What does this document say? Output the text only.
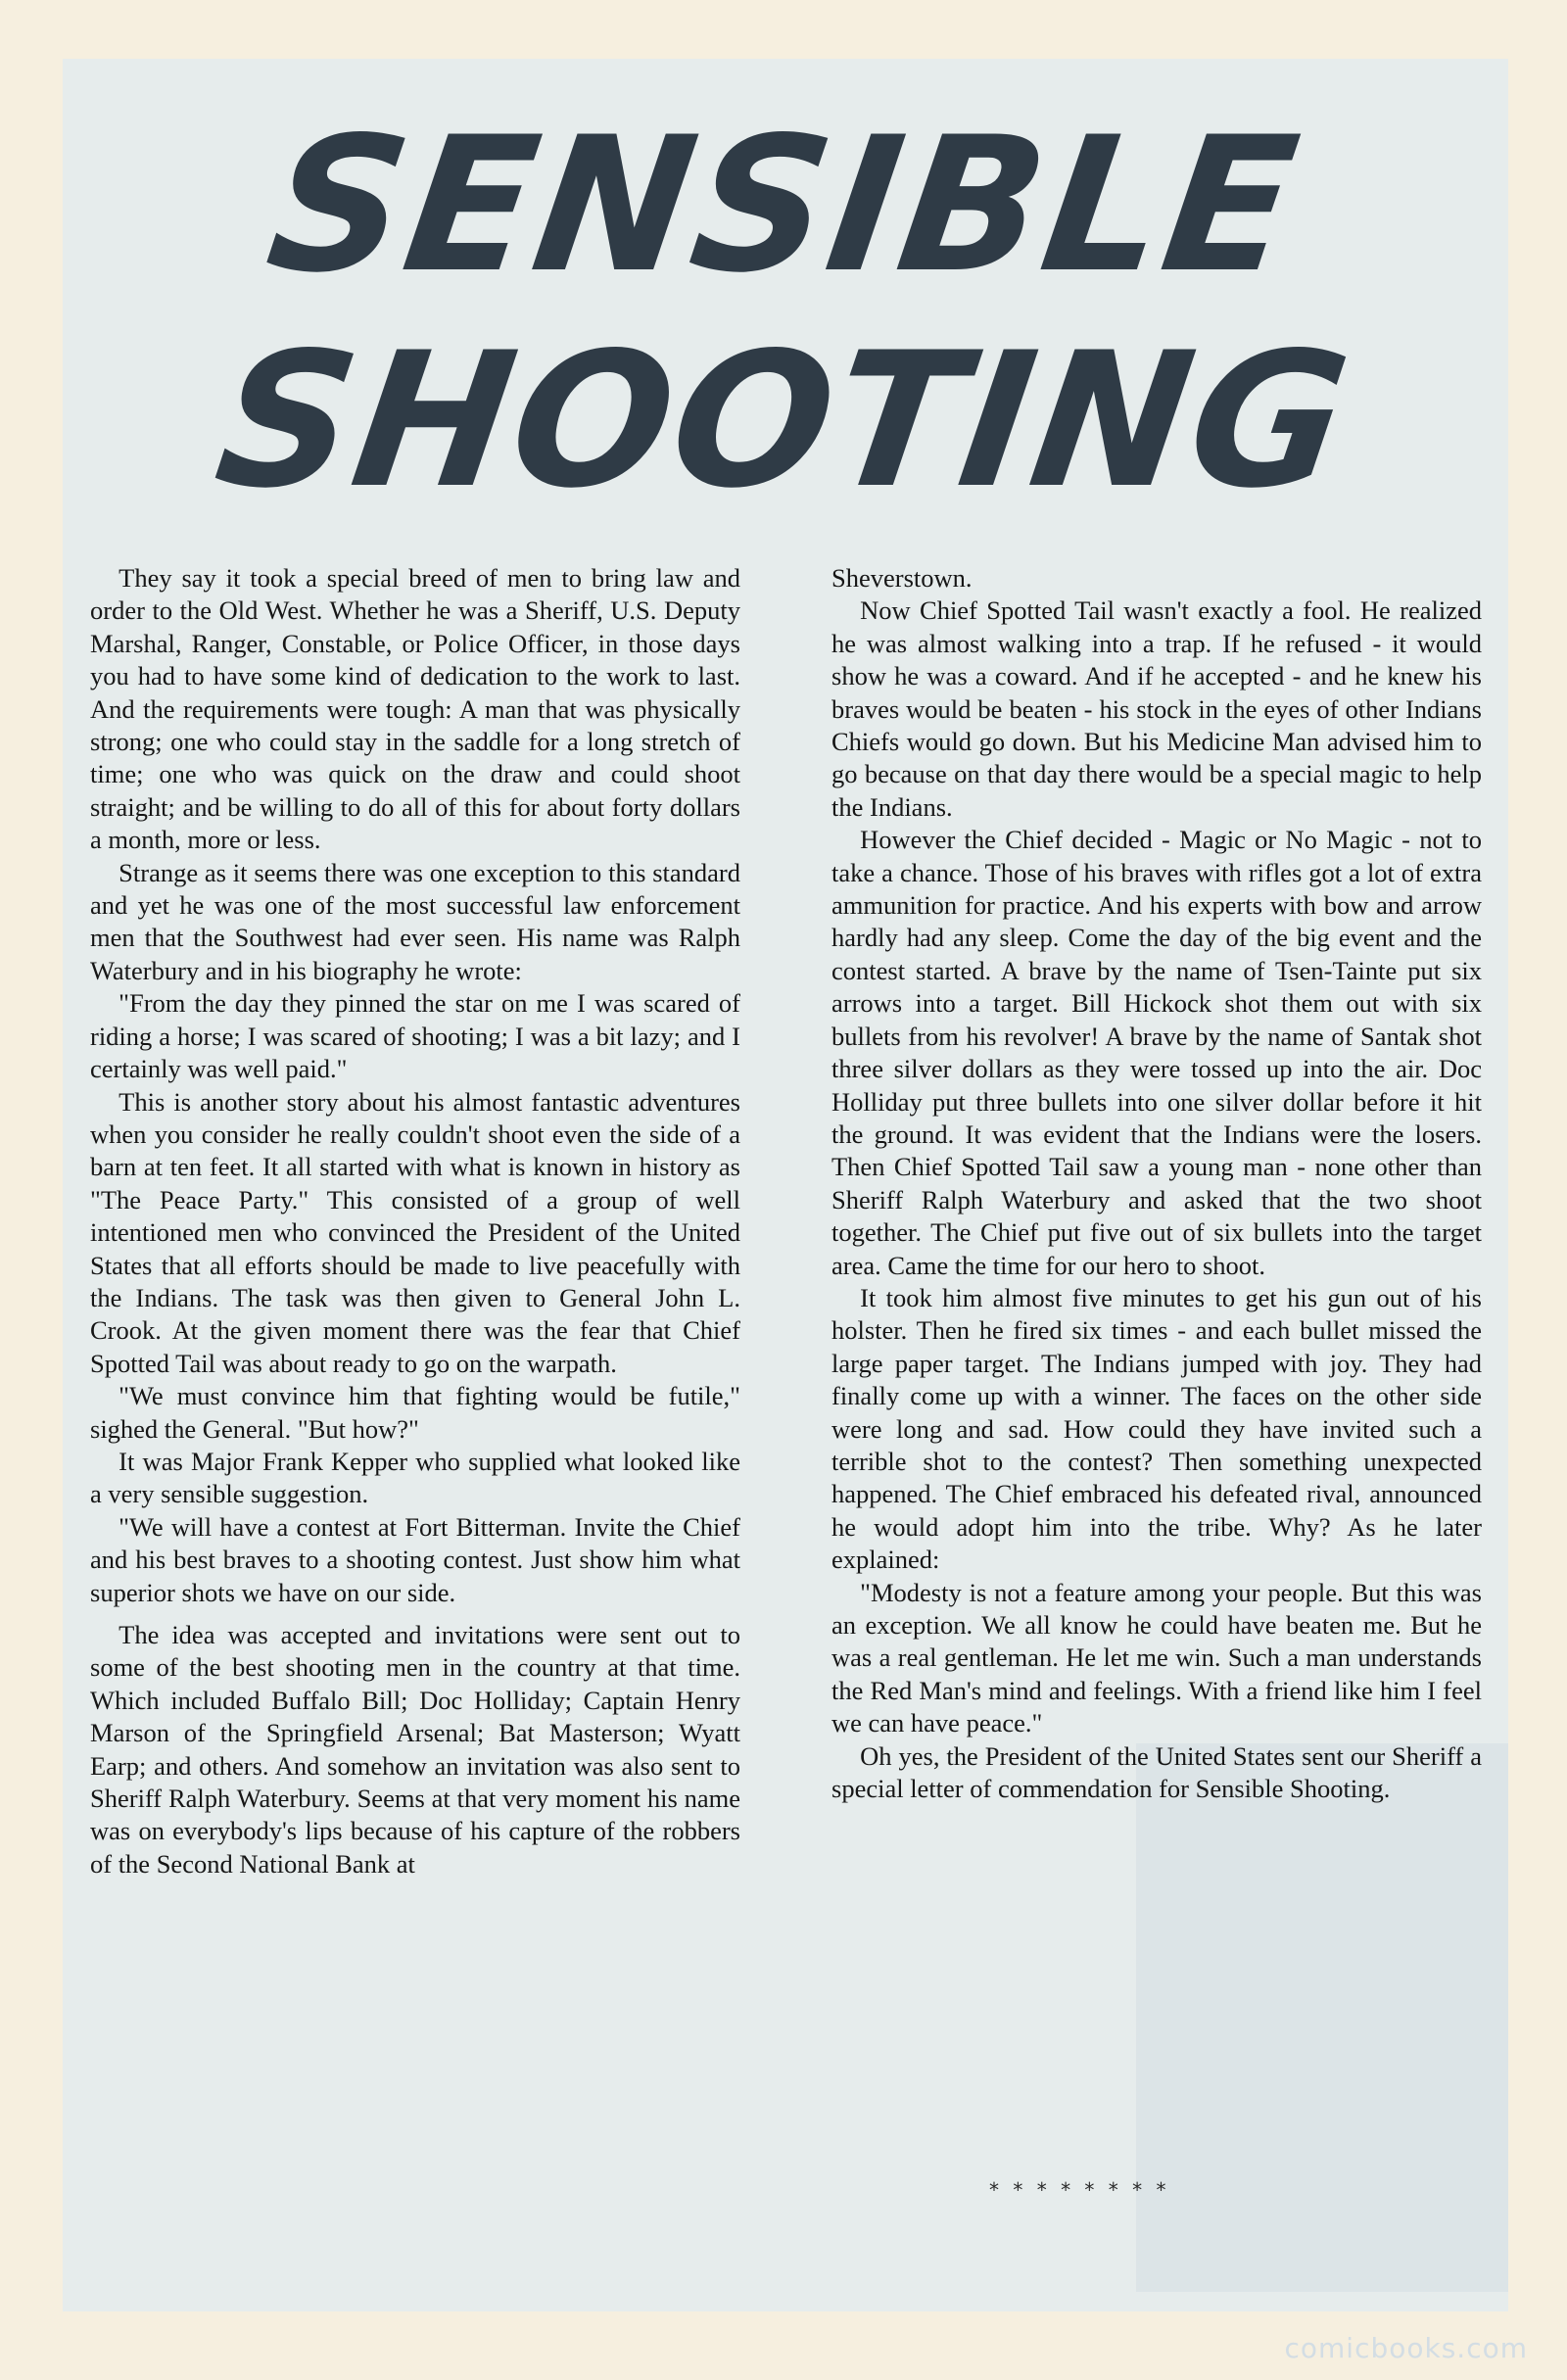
SENSIBLE
SHOOTING

They say it took a special breed of men to bring law and order to the Old West. Whether he was a Sheriff, U.S. Deputy Marshal, Ranger, Constable, or Police Officer, in those days you had to have some kind of dedication to the work to last. And the requirements were tough: A man that was physically strong; one who could stay in the saddle for a long stretch of time; one who was quick on the draw and could shoot straight; and be willing to do all of this for about forty dollars a month, more or less.

Strange as it seems there was one exception to this standard and yet he was one of the most successful law enforcement men that the Southwest had ever seen. His name was Ralph Waterbury and in his biography he wrote:

"From the day they pinned the star on me I was scared of riding a horse; I was scared of shooting; I was a bit lazy; and I certainly was well paid."

This is another story about his almost fantastic adventures when you consider he really couldn't shoot even the side of a barn at ten feet. It all started with what is known in history as "The Peace Party." This consisted of a group of well intentioned men who convinced the President of the United States that all efforts should be made to live peacefully with the Indians. The task was then given to General John L. Crook. At the given moment there was the fear that Chief Spotted Tail was about ready to go on the warpath.

"We must convince him that fighting would be futile," sighed the General. "But how?"

It was Major Frank Kepper who supplied what looked like a very sensible suggestion.

"We will have a contest at Fort Bitterman. Invite the Chief and his best braves to a shooting contest. Just show him what superior shots we have on our side.

The idea was accepted and invitations were sent out to some of the best shooting men in the country at that time. Which included Buffalo Bill; Doc Holliday; Captain Henry Marson of the Springfield Arsenal; Bat Masterson; Wyatt Earp; and others. And somehow an invitation was also sent to Sheriff Ralph Waterbury. Seems at that very moment his name was on everybody's lips because of his capture of the robbers of the Second National Bank at

Sheverstown.

Now Chief Spotted Tail wasn't exactly a fool. He realized he was almost walking into a trap. If he refused - it would show he was a coward. And if he accepted - and he knew his braves would be beaten - his stock in the eyes of other Indians Chiefs would go down. But his Medicine Man advised him to go because on that day there would be a special magic to help the Indians.

However the Chief decided - Magic or No Magic - not to take a chance. Those of his braves with rifles got a lot of extra ammunition for practice. And his experts with bow and arrow hardly had any sleep. Come the day of the big event and the contest started. A brave by the name of Tsen-Tainte put six arrows into a target. Bill Hickock shot them out with six bullets from his revolver! A brave by the name of Santak shot three silver dollars as they were tossed up into the air. Doc Holliday put three bullets into one silver dollar before it hit the ground. It was evident that the Indians were the losers. Then Chief Spotted Tail saw a young man - none other than Sheriff Ralph Waterbury and asked that the two shoot together. The Chief put five out of six bullets into the target area. Came the time for our hero to shoot.

It took him almost five minutes to get his gun out of his holster. Then he fired six times - and each bullet missed the large paper target. The Indians jumped with joy. They had finally come up with a winner. The faces on the other side were long and sad. How could they have invited such a terrible shot to the contest? Then something unexpected happened. The Chief embraced his defeated rival, announced he would adopt him into the tribe. Why? As he later explained:

"Modesty is not a feature among your people. But this was an exception. We all know he could have beaten me. But he was a real gentleman. He let me win. Such a man understands the Red Man's mind and feelings. With a friend like him I feel we can have peace."

Oh yes, the President of the United States sent our Sheriff a special letter of commendation for Sensible Shooting.

* * * * * * * *
comicbooks.com
